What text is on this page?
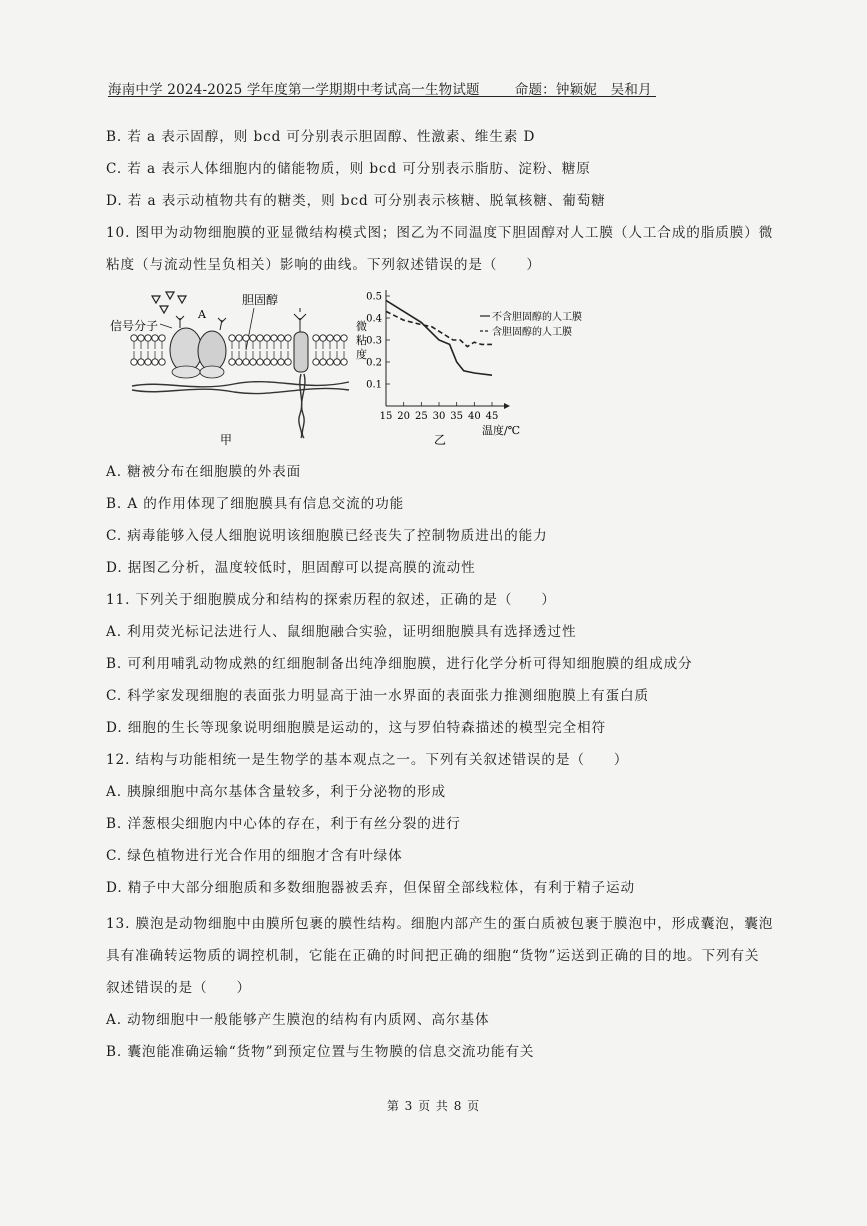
海南中学 2024-2025 学年度第一学期期中考试高一生物试题	命题：钟颖妮　吴和月
B. 若 a 表示固醇，则 bcd 可分别表示胆固醇、性激素、维生素 D
C. 若 a 表示人体细胞内的储能物质，则 bcd 可分别表示脂肪、淀粉、糖原
D. 若 a 表示动植物共有的糖类，则 bcd 可分别表示核糖、脱氧核糖、葡萄糖
10. 图甲为动物细胞膜的亚显微结构模式图；图乙为不同温度下胆固醇对人工膜（人工合成的脂质膜）微
粘度（与流动性呈负相关）影响的曲线。下列叙述错误的是（　　）
信号分子
A
胆固醇
甲
0.1
0.2
0.3
0.4
0.5
15 20 25 30 35 40 45
微
粘
度
温度/℃
乙
不含胆固醇的人工膜
含胆固醇的人工膜
A. 糖被分布在细胞膜的外表面
B. A 的作用体现了细胞膜具有信息交流的功能
C. 病毒能够入侵人细胞说明该细胞膜已经丧失了控制物质进出的能力
D. 据图乙分析，温度较低时，胆固醇可以提高膜的流动性
11. 下列关于细胞膜成分和结构的探索历程的叙述，正确的是（　　）
A. 利用荧光标记法进行人、鼠细胞融合实验，证明细胞膜具有选择透过性
B. 可利用哺乳动物成熟的红细胞制备出纯净细胞膜，进行化学分析可得知细胞膜的组成成分
C. 科学家发现细胞的表面张力明显高于油一水界面的表面张力推测细胞膜上有蛋白质
D. 细胞的生长等现象说明细胞膜是运动的，这与罗伯特森描述的模型完全相符
12. 结构与功能相统一是生物学的基本观点之一。下列有关叙述错误的是（　　）
A. 胰腺细胞中高尔基体含量较多，利于分泌物的形成
B. 洋葱根尖细胞内中心体的存在，利于有丝分裂的进行
C. 绿色植物进行光合作用的细胞才含有叶绿体
D. 精子中大部分细胞质和多数细胞器被丢弃，但保留全部线粒体，有利于精子运动
13. 膜泡是动物细胞中由膜所包裹的膜性结构。细胞内部产生的蛋白质被包裹于膜泡中，形成囊泡，囊泡
具有准确转运物质的调控机制，它能在正确的时间把正确的细胞“货物”运送到正确的目的地。下列有关
叙述错误的是（　　）
A. 动物细胞中一般能够产生膜泡的结构有内质网、高尔基体
B. 囊泡能准确运输“货物”到预定位置与生物膜的信息交流功能有关
第 3 页 共 8 页
